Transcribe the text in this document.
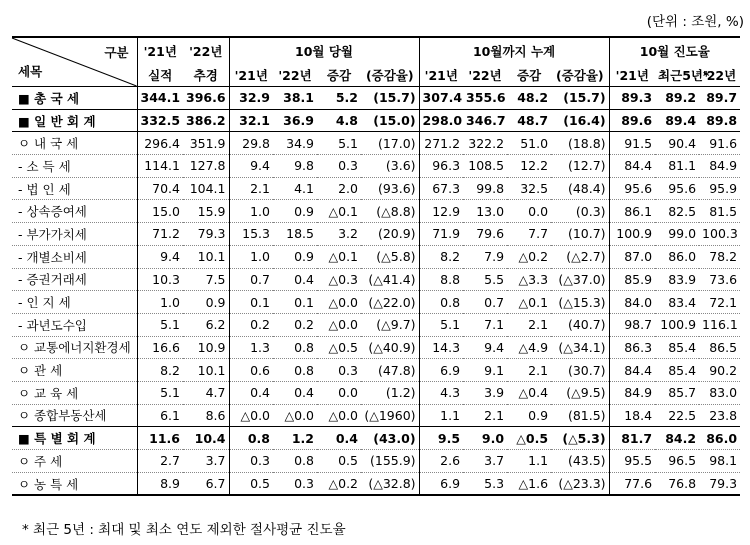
(단위 : 조원, %)
구분
세목	'21년	'22년	10월 당월				10월까지 누계				10월 진도율		
	실적	추경	'21년	'22년	증감	(증감율)	'21년	'22년	증감	(증감율)	'21년	최근5년*	'22년
■ 총 국 세	344.1	396.6	32.9	38.1	5.2	(15.7)	307.4	355.6	48.2	(15.7)	89.3	89.2	89.7
■ 일 반 회 계	332.5	386.2	32.1	36.9	4.8	(15.0)	298.0	346.7	48.7	(16.4)	89.6	89.4	89.8
ㅇ 내 국 세	296.4	351.9	29.8	34.9	5.1	(17.0)	271.2	322.2	51.0	(18.8)	91.5	90.4	91.6
- 소 득 세	114.1	127.8	9.4	9.8	0.3	(3.6)	96.3	108.5	12.2	(12.7)	84.4	81.1	84.9
- 법 인 세	70.4	104.1	2.1	4.1	2.0	(93.6)	67.3	99.8	32.5	(48.4)	95.6	95.6	95.9
- 상속증여세	15.0	15.9	1.0	0.9	△0.1	(△8.8)	12.9	13.0	0.0	(0.3)	86.1	82.5	81.5
- 부가가치세	71.2	79.3	15.3	18.5	3.2	(20.9)	71.9	79.6	7.7	(10.7)	100.9	99.0	100.3
- 개별소비세	9.4	10.1	1.0	0.9	△0.1	(△5.8)	8.2	7.9	△0.2	(△2.7)	87.0	86.0	78.2
- 증권거래세	10.3	7.5	0.7	0.4	△0.3	(△41.4)	8.8	5.5	△3.3	(△37.0)	85.9	83.9	73.6
- 인 지 세	1.0	0.9	0.1	0.1	△0.0	(△22.0)	0.8	0.7	△0.1	(△15.3)	84.0	83.4	72.1
- 과년도수입	5.1	6.2	0.2	0.2	△0.0	(△9.7)	5.1	7.1	2.1	(40.7)	98.7	100.9	116.1
ㅇ 교통에너지환경세	16.6	10.9	1.3	0.8	△0.5	(△40.9)	14.3	9.4	△4.9	(△34.1)	86.3	85.4	86.5
ㅇ 관 세	8.2	10.1	0.6	0.8	0.3	(47.8)	6.9	9.1	2.1	(30.7)	84.4	85.4	90.2
ㅇ 교 육 세	5.1	4.7	0.4	0.4	0.0	(1.2)	4.3	3.9	△0.4	(△9.5)	84.9	85.7	83.0
ㅇ 종합부동산세	6.1	8.6	△0.0	△0.0	△0.0	(△1960)	1.1	2.1	0.9	(81.5)	18.4	22.5	23.8
■ 특 별 회 계	11.6	10.4	0.8	1.2	0.4	(43.0)	9.5	9.0	△0.5	(△5.3)	81.7	84.2	86.0
ㅇ 주 세	2.7	3.7	0.3	0.8	0.5	(155.9)	2.6	3.7	1.1	(43.5)	95.5	96.5	98.1
ㅇ 농 특 세	8.9	6.7	0.5	0.3	△0.2	(△32.8)	6.9	5.3	△1.6	(△23.3)	77.6	76.8	79.3
* 최근 5년 : 최대 및 최소 연도 제외한 절사평균 진도율
